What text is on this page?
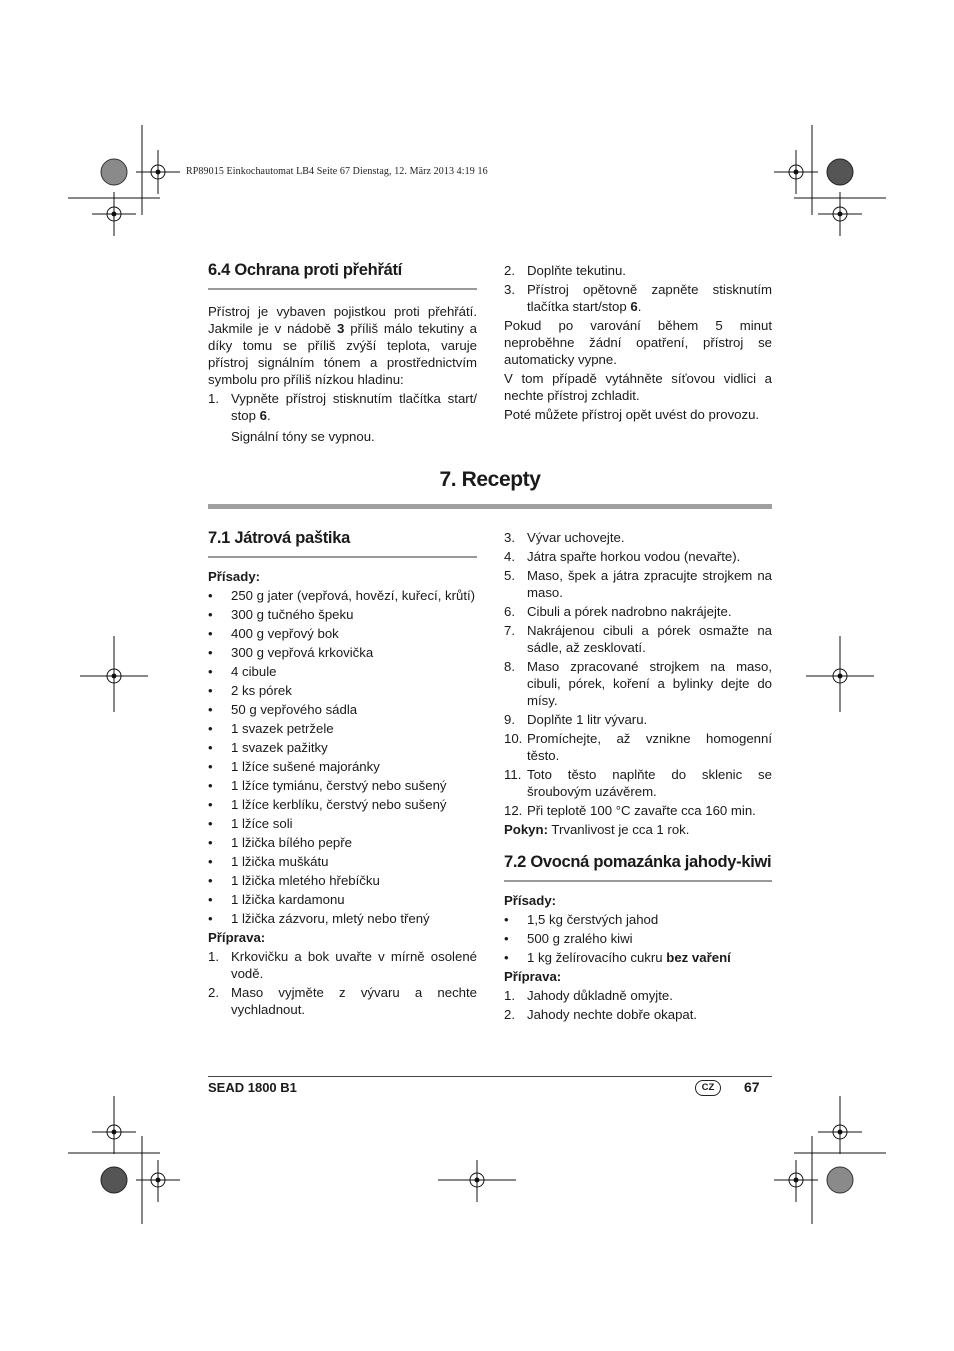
RP89015 Einkochautomat LB4 Seite 67 Dienstag, 12. März 2013 4:19 16
6.4 Ochrana proti přehřátí

Přístroj je vybaven pojistkou proti přehřátí. Jakmile je v nádobě 3 příliš málo tekutiny a díky tomu se příliš zvýší teplota, varuje přístroj signálním tónem a prostřednictvím symbolu pro příliš nízkou hladinu:

1. Vypněte přístroj stisknutím tlačítka start/ stop 6.
Signální tóny se vypnou.
2. Doplňte tekutinu.
3. Přístroj opětovně zapněte stisknutím tlačítka start/stop 6.

Pokud po varování během 5 minut neproběhne žádní opatření, přístroj se automaticky vypne.

V tom případě vytáhněte síťovou vidlici a nechte přístroj zchladit.

Poté můžete přístroj opět uvést do provozu.

7. Recepty
7.1 Játrová paštika

Přísady:

• 250 g jater (vepřová, hovězí, kuřecí, krůtí)
• 300 g tučného špeku
• 400 g vepřový bok
• 300 g vepřová krkovička
• 4 cibule
• 2 ks pórek
• 50 g vepřového sádla
• 1 svazek petržele
• 1 svazek pažitky
• 1 lžíce sušené majoránky
• 1 lžíce tymiánu, čerstvý nebo sušený
• 1 lžíce kerblíku, čerstvý nebo sušený
• 1 lžíce soli
• 1 lžička bílého pepře
• 1 lžička muškátu
• 1 lžička mletého hřebíčku
• 1 lžička kardamonu
• 1 lžička zázvoru, mletý nebo třený

Příprava:

1. Krkovičku a bok uvařte v mírně osolené vodě.
2. Maso vyjměte z vývaru a nechte vychladnout.
3. Vývar uchovejte.
4. Játra spařte horkou vodou (nevařte).
5. Maso, špek a játra zpracujte strojkem na maso.
6. Cibuli a pórek nadrobno nakrájejte.
7. Nakrájenou cibuli a pórek osmažte na sádle, až zesklovatí.
8. Maso zpracované strojkem na maso, cibuli, pórek, koření a bylinky dejte do mísy.
9. Doplňte 1 litr vývaru.
10. Promíchejte, až vznikne homogenní těsto.
11. Toto těsto naplňte do sklenic se šroubovým uzávěrem.
12. Při teplotě 100 °C zavařte cca 160 min.

Pokyn: Trvanlivost je cca 1 rok.

7.2 Ovocná pomazánka jahody-kiwi

Přísady:

• 1,5 kg čerstvých jahod
• 500 g zralého kiwi
• 1 kg želírovacího cukru bez vaření

Příprava:

1. Jahody důkladně omyjte.
2. Jahody nechte dobře okapat.
SEAD 1800 B1	CZ	67
